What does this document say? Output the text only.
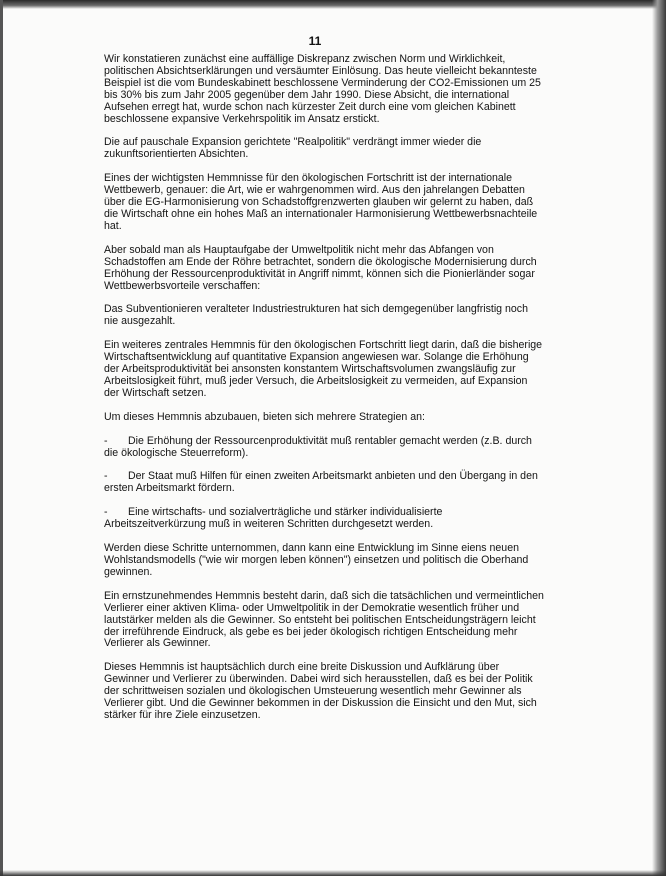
11

Wir konstatieren zunächst eine auffällige Diskrepanz zwischen Norm und Wirklichkeit, politischen Absichtserklärungen und versäumter Einlösung. Das heute vielleicht bekannteste Beispiel ist die vom Bundeskabinett beschlossene Verminderung der CO2-Emissionen um 25 bis 30% bis zum Jahr 2005 gegenüber dem Jahr 1990. Diese Absicht, die international Aufsehen erregt hat, wurde schon nach kürzester Zeit durch eine vom gleichen Kabinett beschlossene expansive Verkehrspolitik im Ansatz erstickt.

Die auf pauschale Expansion gerichtete "Realpolitik" verdrängt immer wieder die zukunftsorientierten Absichten.

Eines der wichtigsten Hemmnisse für den ökologischen Fortschritt ist der internationale Wettbewerb, genauer: die Art, wie er wahrgenommen wird. Aus den jahrelangen Debatten über die EG-Harmonisierung von Schadstoffgrenzwerten glauben wir gelernt zu haben, daß die Wirtschaft ohne ein hohes Maß an internationaler Harmonisierung Wettbewerbsnachteile hat.

Aber sobald man als Hauptaufgabe der Umweltpolitik nicht mehr das Abfangen von Schadstoffen am Ende der Röhre betrachtet, sondern die ökologische Modernisierung durch Erhöhung der Ressourcenproduktivität in Angriff nimmt, können sich die Pionierländer sogar Wettbewerbsvorteile verschaffen:

Das Subventionieren veralteter Industriestrukturen hat sich demgegenüber langfristig noch nie ausgezahlt.

Ein weiteres zentrales Hemmnis für den ökologischen Fortschritt liegt darin, daß die bisherige Wirtschaftsentwicklung auf quantitative Expansion angewiesen war. Solange die Erhöhung der Arbeitsproduktivität bei ansonsten konstantem Wirtschaftsvolumen zwangsläufig zur Arbeitslosigkeit führt, muß jeder Versuch, die Arbeitslosigkeit zu vermeiden, auf Expansion der Wirtschaft setzen.

Um dieses Hemmnis abzubauen, bieten sich mehrere Strategien an:

- Die Erhöhung der Ressourcenproduktivität muß rentabler gemacht werden (z.B. durch die ökologische Steuerreform).

- Der Staat muß Hilfen für einen zweiten Arbeitsmarkt anbieten und den Übergang in den ersten Arbeitsmarkt fördern.

- Eine wirtschafts- und sozialverträgliche und stärker individualisierte Arbeitszeitverkürzung muß in weiteren Schritten durchgesetzt werden.

Werden diese Schritte unternommen, dann kann eine Entwicklung im Sinne eiens neuen Wohlstandsmodells ("wie wir morgen leben können") einsetzen und politisch die Oberhand gewinnen.

Ein ernstzunehmendes Hemmnis besteht darin, daß sich die tatsächlichen und vermeintlichen Verlierer einer aktiven Klima- oder Umweltpolitik in der Demokratie wesentlich früher und lautstärker melden als die Gewinner. So entsteht bei politischen Entscheidungsträgern leicht der irreführende Eindruck, als gebe es bei jeder ökologisch richtigen Entscheidung mehr Verlierer als Gewinner.

Dieses Hemmnis ist hauptsächlich durch eine breite Diskussion und Aufklärung über Gewinner und Verlierer zu überwinden. Dabei wird sich herausstellen, daß es bei der Politik der schrittweisen sozialen und ökologischen Umsteuerung wesentlich mehr Gewinner als Verlierer gibt. Und die Gewinner bekommen in der Diskussion die Einsicht und den Mut, sich stärker für ihre Ziele einzusetzen.
